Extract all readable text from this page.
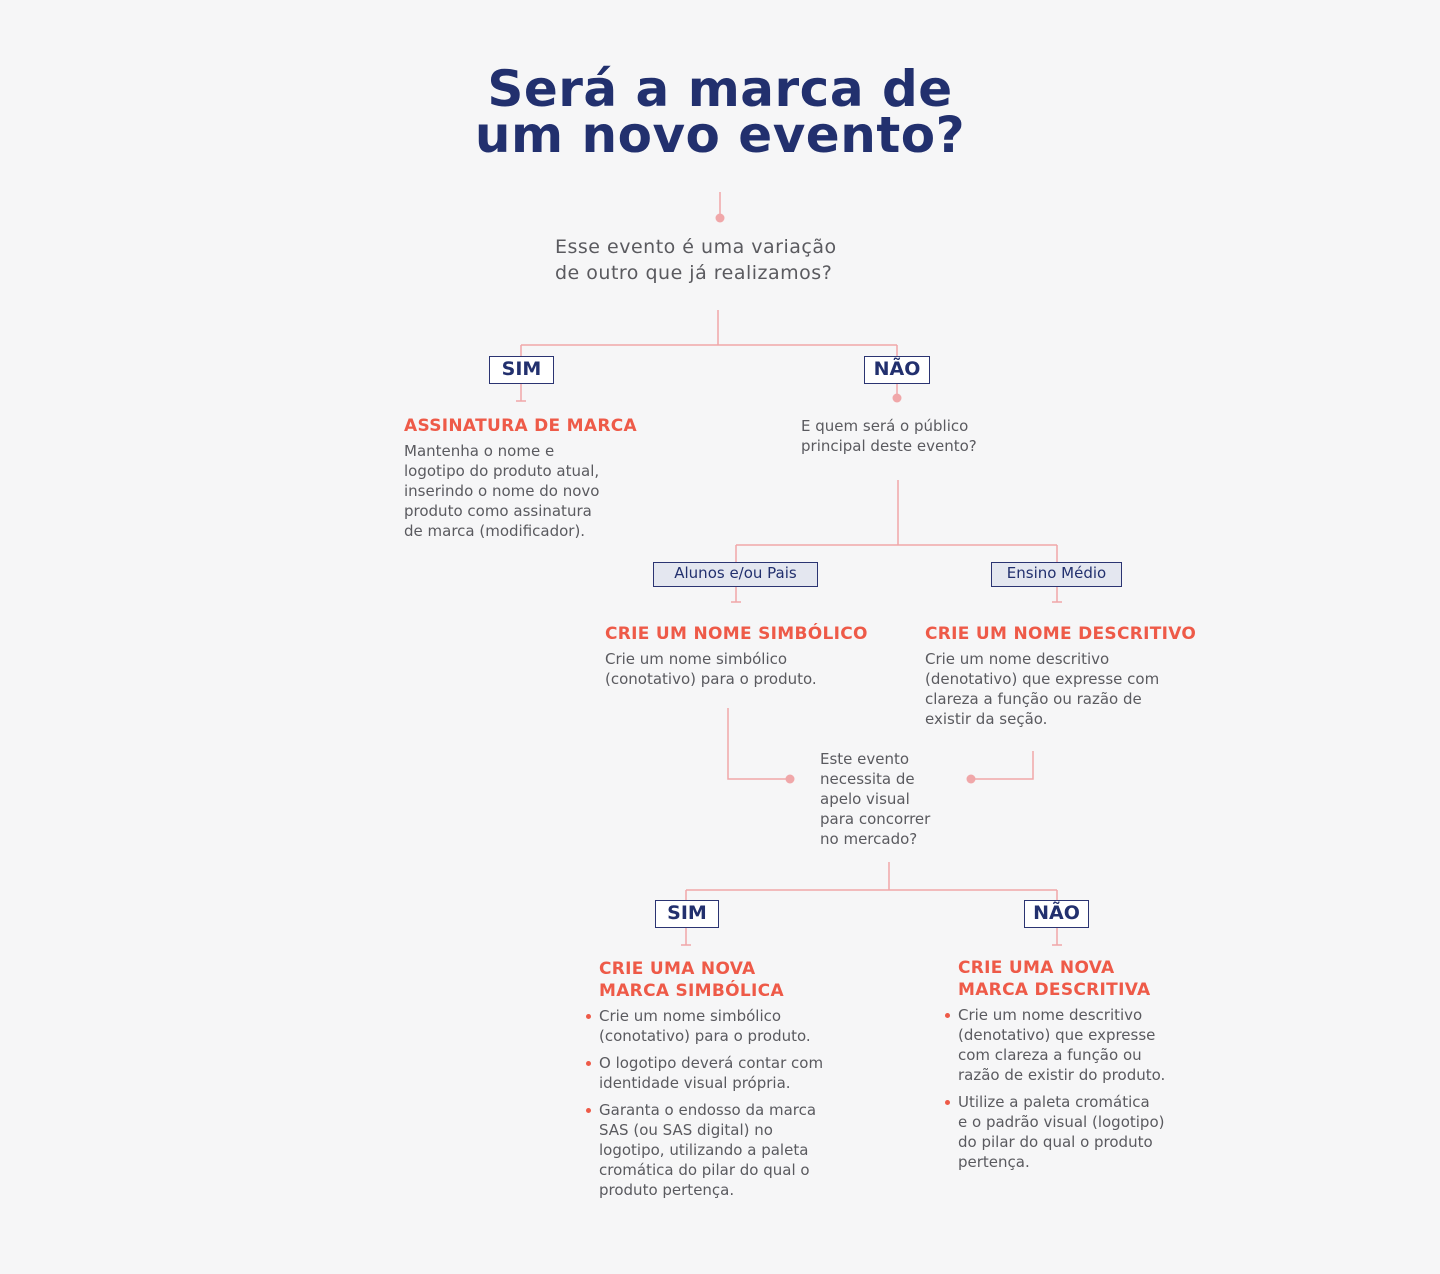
Será a marca de
um novo evento?
Esse evento é uma variação
de outro que já realizamos?
SIM	NÃO
ASSINATURA DE MARCA
Mantenha o nome e
logotipo do produto atual,
inserindo o nome do novo
produto como assinatura
de marca (modificador).
E quem será o público
principal deste evento?
Alunos e/ou Pais	Ensino Médio
CRIE UM NOME SIMBÓLICO
Crie um nome simbólico
(conotativo) para o produto.
CRIE UM NOME DESCRITIVO
Crie um nome descritivo
(denotativo) que expresse com
clareza a função ou razão de
existir da seção.
Este evento
necessita de
apelo visual
para concorrer
no mercado?
SIM	NÃO
CRIE UMA NOVA
MARCA SIMBÓLICA
Crie um nome simbólico
(conotativo) para o produto.
O logotipo deverá contar com
identidade visual própria.
Garanta o endosso da marca
SAS (ou SAS digital) no
logotipo, utilizando a paleta
cromática do pilar do qual o
produto pertença.
CRIE UMA NOVA
MARCA DESCRITIVA
Crie um nome descritivo
(denotativo) que expresse
com clareza a função ou
razão de existir do produto.
Utilize a paleta cromática
e o padrão visual (logotipo)
do pilar do qual o produto
pertença.
